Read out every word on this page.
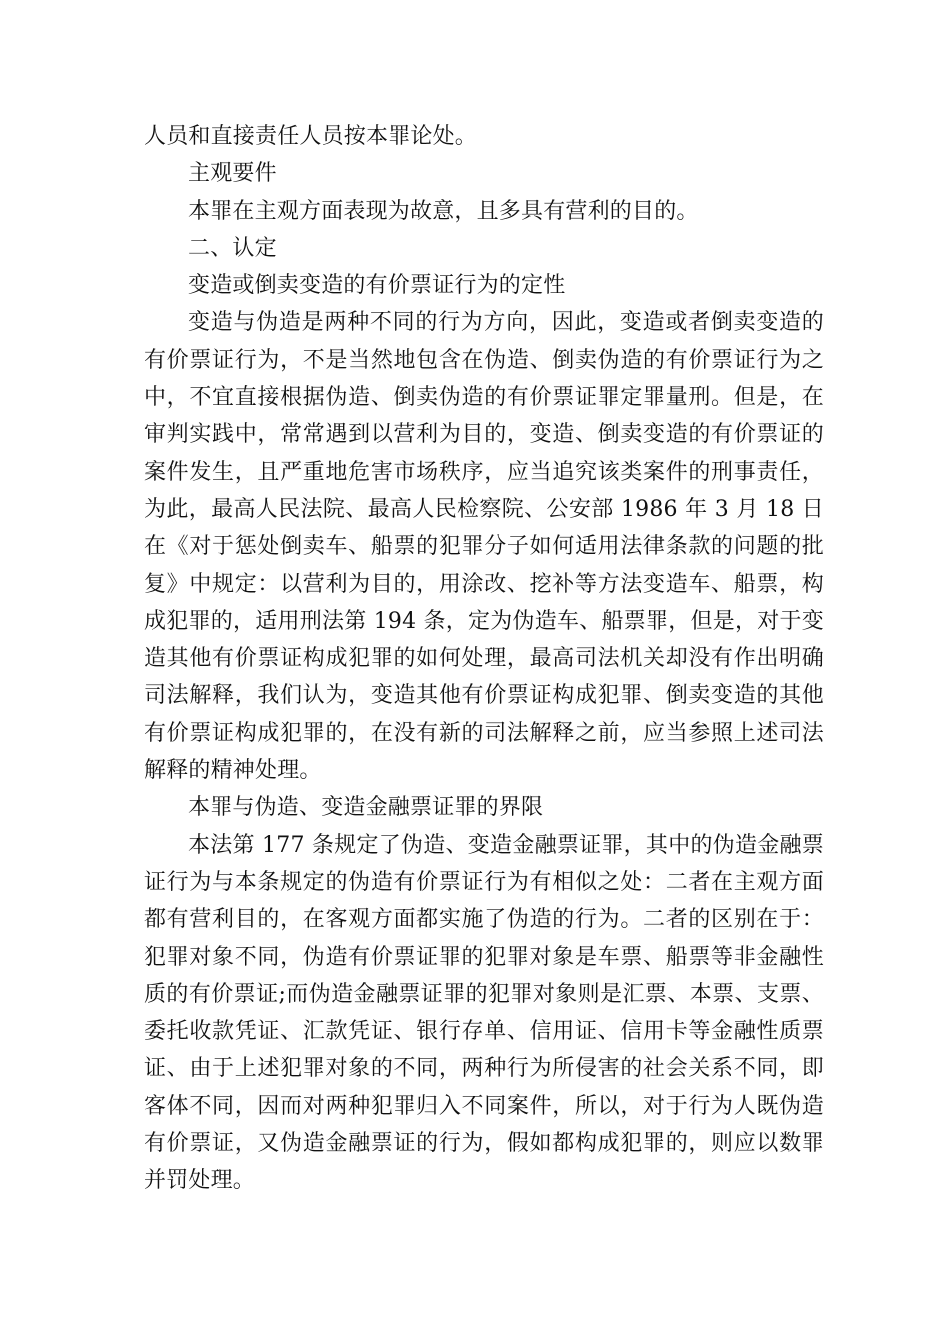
人员和直接责任人员按本罪论处。

主观要件

本罪在主观方面表现为故意，且多具有营利的目的。

二、认定

变造或倒卖变造的有价票证行为的定性

变造与伪造是两种不同的行为方向，因此，变造或者倒卖变造的有价票证行为，不是当然地包含在伪造、倒卖伪造的有价票证行为之中，不宜直接根据伪造、倒卖伪造的有价票证罪定罪量刑。但是，在审判实践中，常常遇到以营利为目的，变造、倒卖变造的有价票证的案件发生，且严重地危害市场秩序，应当追究该类案件的刑事责任，为此，最高人民法院、最高人民检察院、公安部 1986 年 3 月 18 日在《对于惩处倒卖车、船票的犯罪分子如何适用法律条款的问题的批复》中规定：以营利为目的，用涂改、挖补等方法变造车、船票，构成犯罪的，适用刑法第 194 条，定为伪造车、船票罪，但是，对于变造其他有价票证构成犯罪的如何处理，最高司法机关却没有作出明确司法解释，我们认为，变造其他有价票证构成犯罪、倒卖变造的其他有价票证构成犯罪的，在没有新的司法解释之前，应当参照上述司法解释的精神处理。

本罪与伪造、变造金融票证罪的界限

本法第 177 条规定了伪造、变造金融票证罪，其中的伪造金融票证行为与本条规定的伪造有价票证行为有相似之处：二者在主观方面都有营利目的，在客观方面都实施了伪造的行为。二者的区别在于：犯罪对象不同，伪造有价票证罪的犯罪对象是车票、船票等非金融性质的有价票证;而伪造金融票证罪的犯罪对象则是汇票、本票、支票、委托收款凭证、汇款凭证、银行存单、信用证、信用卡等金融性质票证、由于上述犯罪对象的不同，两种行为所侵害的社会关系不同，即客体不同，因而对两种犯罪归入不同案件，所以，对于行为人既伪造有价票证，又伪造金融票证的行为，假如都构成犯罪的，则应以数罪并罚处理。
